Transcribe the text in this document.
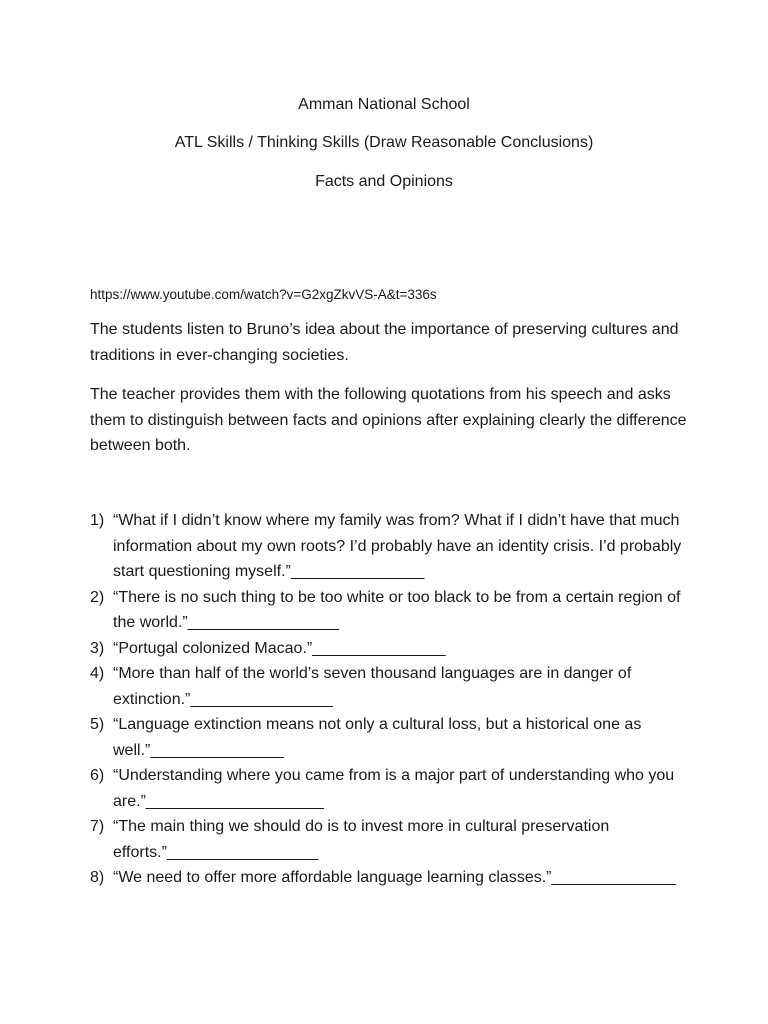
Amman National School
ATL Skills / Thinking Skills (Draw Reasonable Conclusions)
Facts and Opinions
https://www.youtube.com/watch?v=G2xgZkvVS-A&t=336s

The students listen to Bruno’s idea about the importance of preserving cultures and traditions in ever-changing societies.

The teacher provides them with the following quotations from his speech and asks them to distinguish between facts and opinions after explaining clearly the difference between both.

1) “What if I didn’t know where my family was from? What if I didn’t have that much information about my own roots? I’d probably have an identity crisis. I’d probably start questioning myself.”_______________
2) “There is no such thing to be too white or too black to be from a certain region of the world.”_________________
3) “Portugal colonized Macao.”_______________
4) “More than half of the world’s seven thousand languages are in danger of extinction.”________________
5) “Language extinction means not only a cultural loss, but a historical one as well.”_______________
6) “Understanding where you came from is a major part of understanding who you are.”____________________
7) “The main thing we should do is to invest more in cultural preservation efforts.”_________________
8) “We need to offer more affordable language learning classes.”______________
